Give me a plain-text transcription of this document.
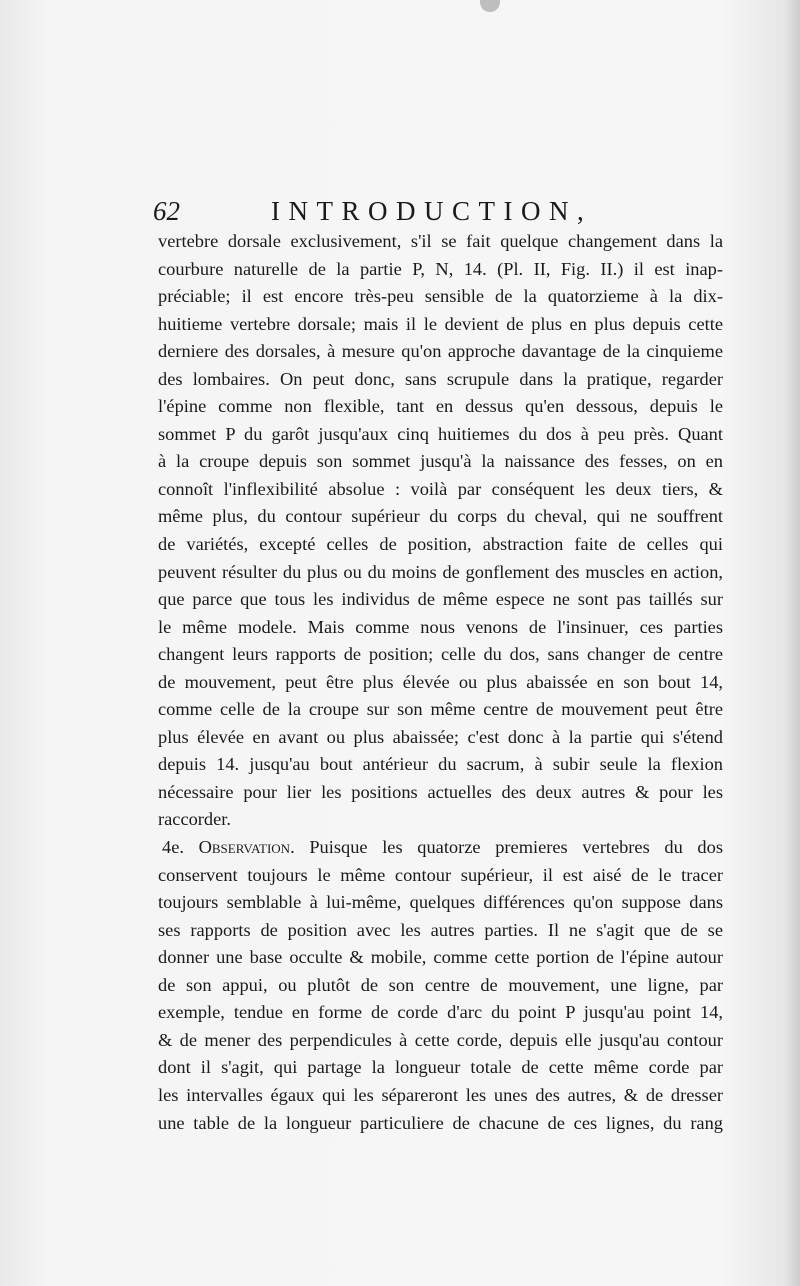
62	INTRODUCTION,
vertebre dorsale exclusivement, s'il se fait quelque changement dans la
courbure naturelle de la partie P, N, 14. (Pl. II, Fig. II.) il est inap-
préciable; il est encore très-peu sensible de la quatorzieme à la dix-
huitieme vertebre dorsale; mais il le devient de plus en plus depuis cette
derniere des dorsales, à mesure qu'on approche davantage de la cinquieme
des lombaires. On peut donc, sans scrupule dans la pratique, regarder
l'épine comme non flexible, tant en dessus qu'en dessous, depuis le
sommet P du garôt jusqu'aux cinq huitiemes du dos à peu près. Quant
à la croupe depuis son sommet jusqu'à la naissance des fesses, on en
connoît l'inflexibilité absolue : voilà par conséquent les deux tiers, &
même plus, du contour supérieur du corps du cheval, qui ne souffrent
de variétés, excepté celles de position, abstraction faite de celles qui
peuvent résulter du plus ou du moins de gonflement des muscles en action,
que parce que tous les individus de même espece ne sont pas taillés sur
le même modele. Mais comme nous venons de l'insinuer, ces parties
changent leurs rapports de position; celle du dos, sans changer de centre
de mouvement, peut être plus élevée ou plus abaissée en son bout 14,
comme celle de la croupe sur son même centre de mouvement peut être
plus élevée en avant ou plus abaissée; c'est donc à la partie qui s'étend
depuis 14. jusqu'au bout antérieur du sacrum, à subir seule la flexion
nécessaire pour lier les positions actuelles des deux autres & pour les
raccorder.
4e. Observation. Puisque les quatorze premieres vertebres du dos
conservent toujours le même contour supérieur, il est aisé de le tracer
toujours semblable à lui-même, quelques différences qu'on suppose dans
ses rapports de position avec les autres parties. Il ne s'agit que de se
donner une base occulte & mobile, comme cette portion de l'épine autour
de son appui, ou plutôt de son centre de mouvement, une ligne, par
exemple, tendue en forme de corde d'arc du point P jusqu'au point 14,
& de mener des perpendicules à cette corde, depuis elle jusqu'au contour
dont il s'agit, qui partage la longueur totale de cette même corde par
les intervalles égaux qui les sépareront les unes des autres, & de dresser
une table de la longueur particuliere de chacune de ces lignes, du rang
